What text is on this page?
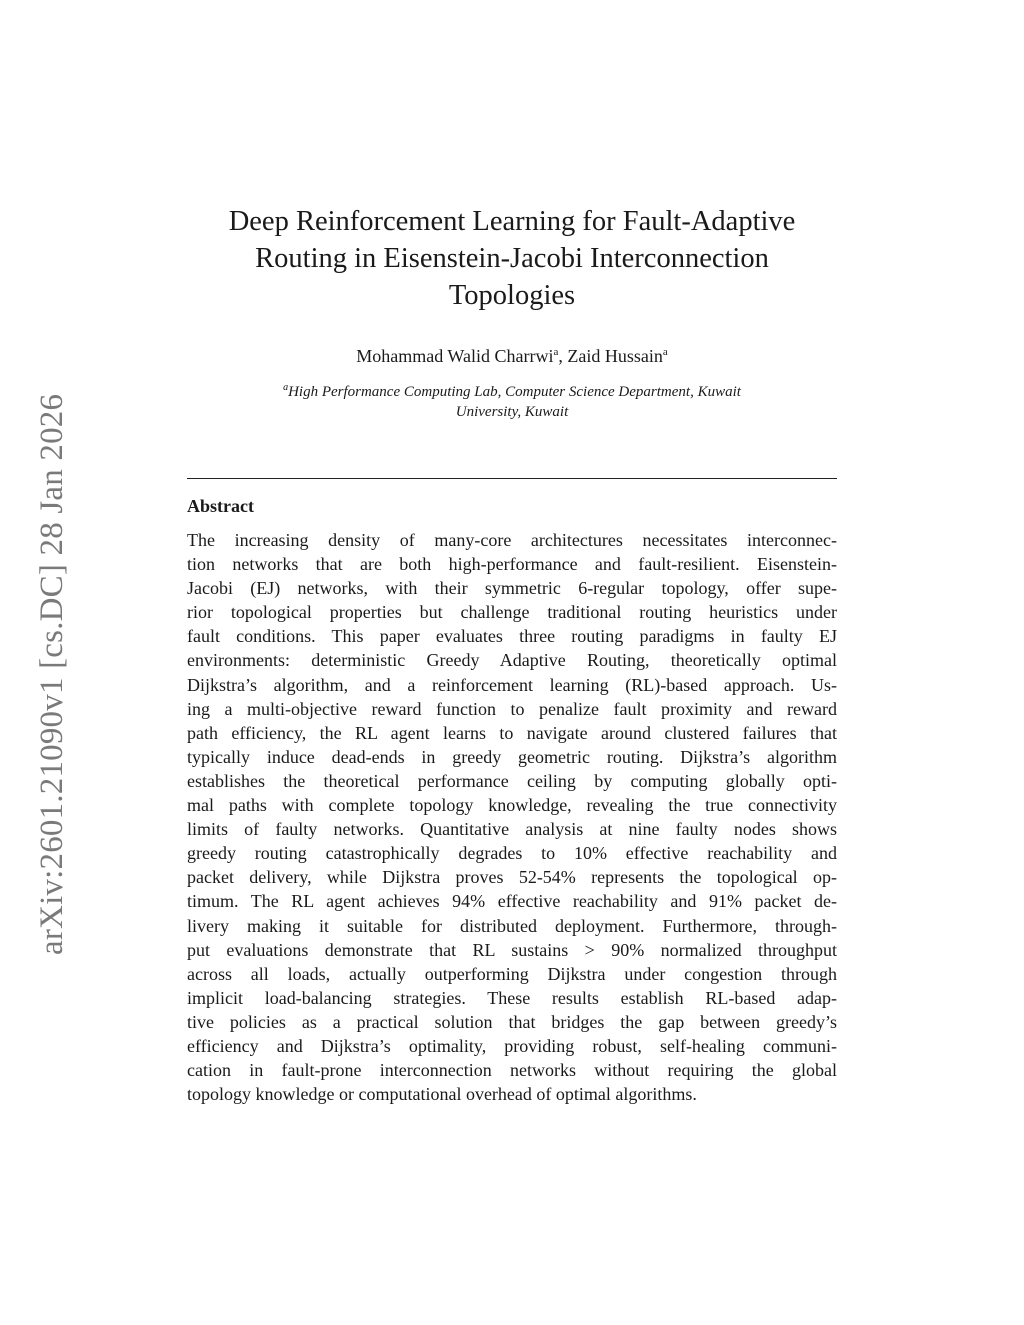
arXiv:2601.21090v1 [cs.DC] 28 Jan 2026
Deep Reinforcement Learning for Fault-Adaptive
Routing in Eisenstein-Jacobi Interconnection
Topologies
Mohammad Walid Charrwi$^a$, Zaid Hussain$^a$
$^a$High Performance Computing Lab, Computer Science Department, Kuwait
University, Kuwait
Abstract
The increasing density of many-core architectures necessitates interconnec-
tion networks that are both high-performance and fault-resilient. Eisenstein-
Jacobi (EJ) networks, with their symmetric 6-regular topology, offer supe-
rior topological properties but challenge traditional routing heuristics under
fault conditions. This paper evaluates three routing paradigms in faulty EJ
environments: deterministic Greedy Adaptive Routing, theoretically optimal
Dijkstra’s algorithm, and a reinforcement learning (RL)-based approach. Us-
ing a multi-objective reward function to penalize fault proximity and reward
path efficiency, the RL agent learns to navigate around clustered failures that
typically induce dead-ends in greedy geometric routing. Dijkstra’s algorithm
establishes the theoretical performance ceiling by computing globally opti-
mal paths with complete topology knowledge, revealing the true connectivity
limits of faulty networks. Quantitative analysis at nine faulty nodes shows
greedy routing catastrophically degrades to 10% effective reachability and
packet delivery, while Dijkstra proves 52-54% represents the topological op-
timum. The RL agent achieves 94% effective reachability and 91% packet de-
livery making it suitable for distributed deployment. Furthermore, through-
put evaluations demonstrate that RL sustains > 90% normalized throughput
across all loads, actually outperforming Dijkstra under congestion through
implicit load-balancing strategies. These results establish RL-based adap-
tive policies as a practical solution that bridges the gap between greedy’s
efficiency and Dijkstra’s optimality, providing robust, self-healing communi-
cation in fault-prone interconnection networks without requiring the global
topology knowledge or computational overhead of optimal algorithms.
